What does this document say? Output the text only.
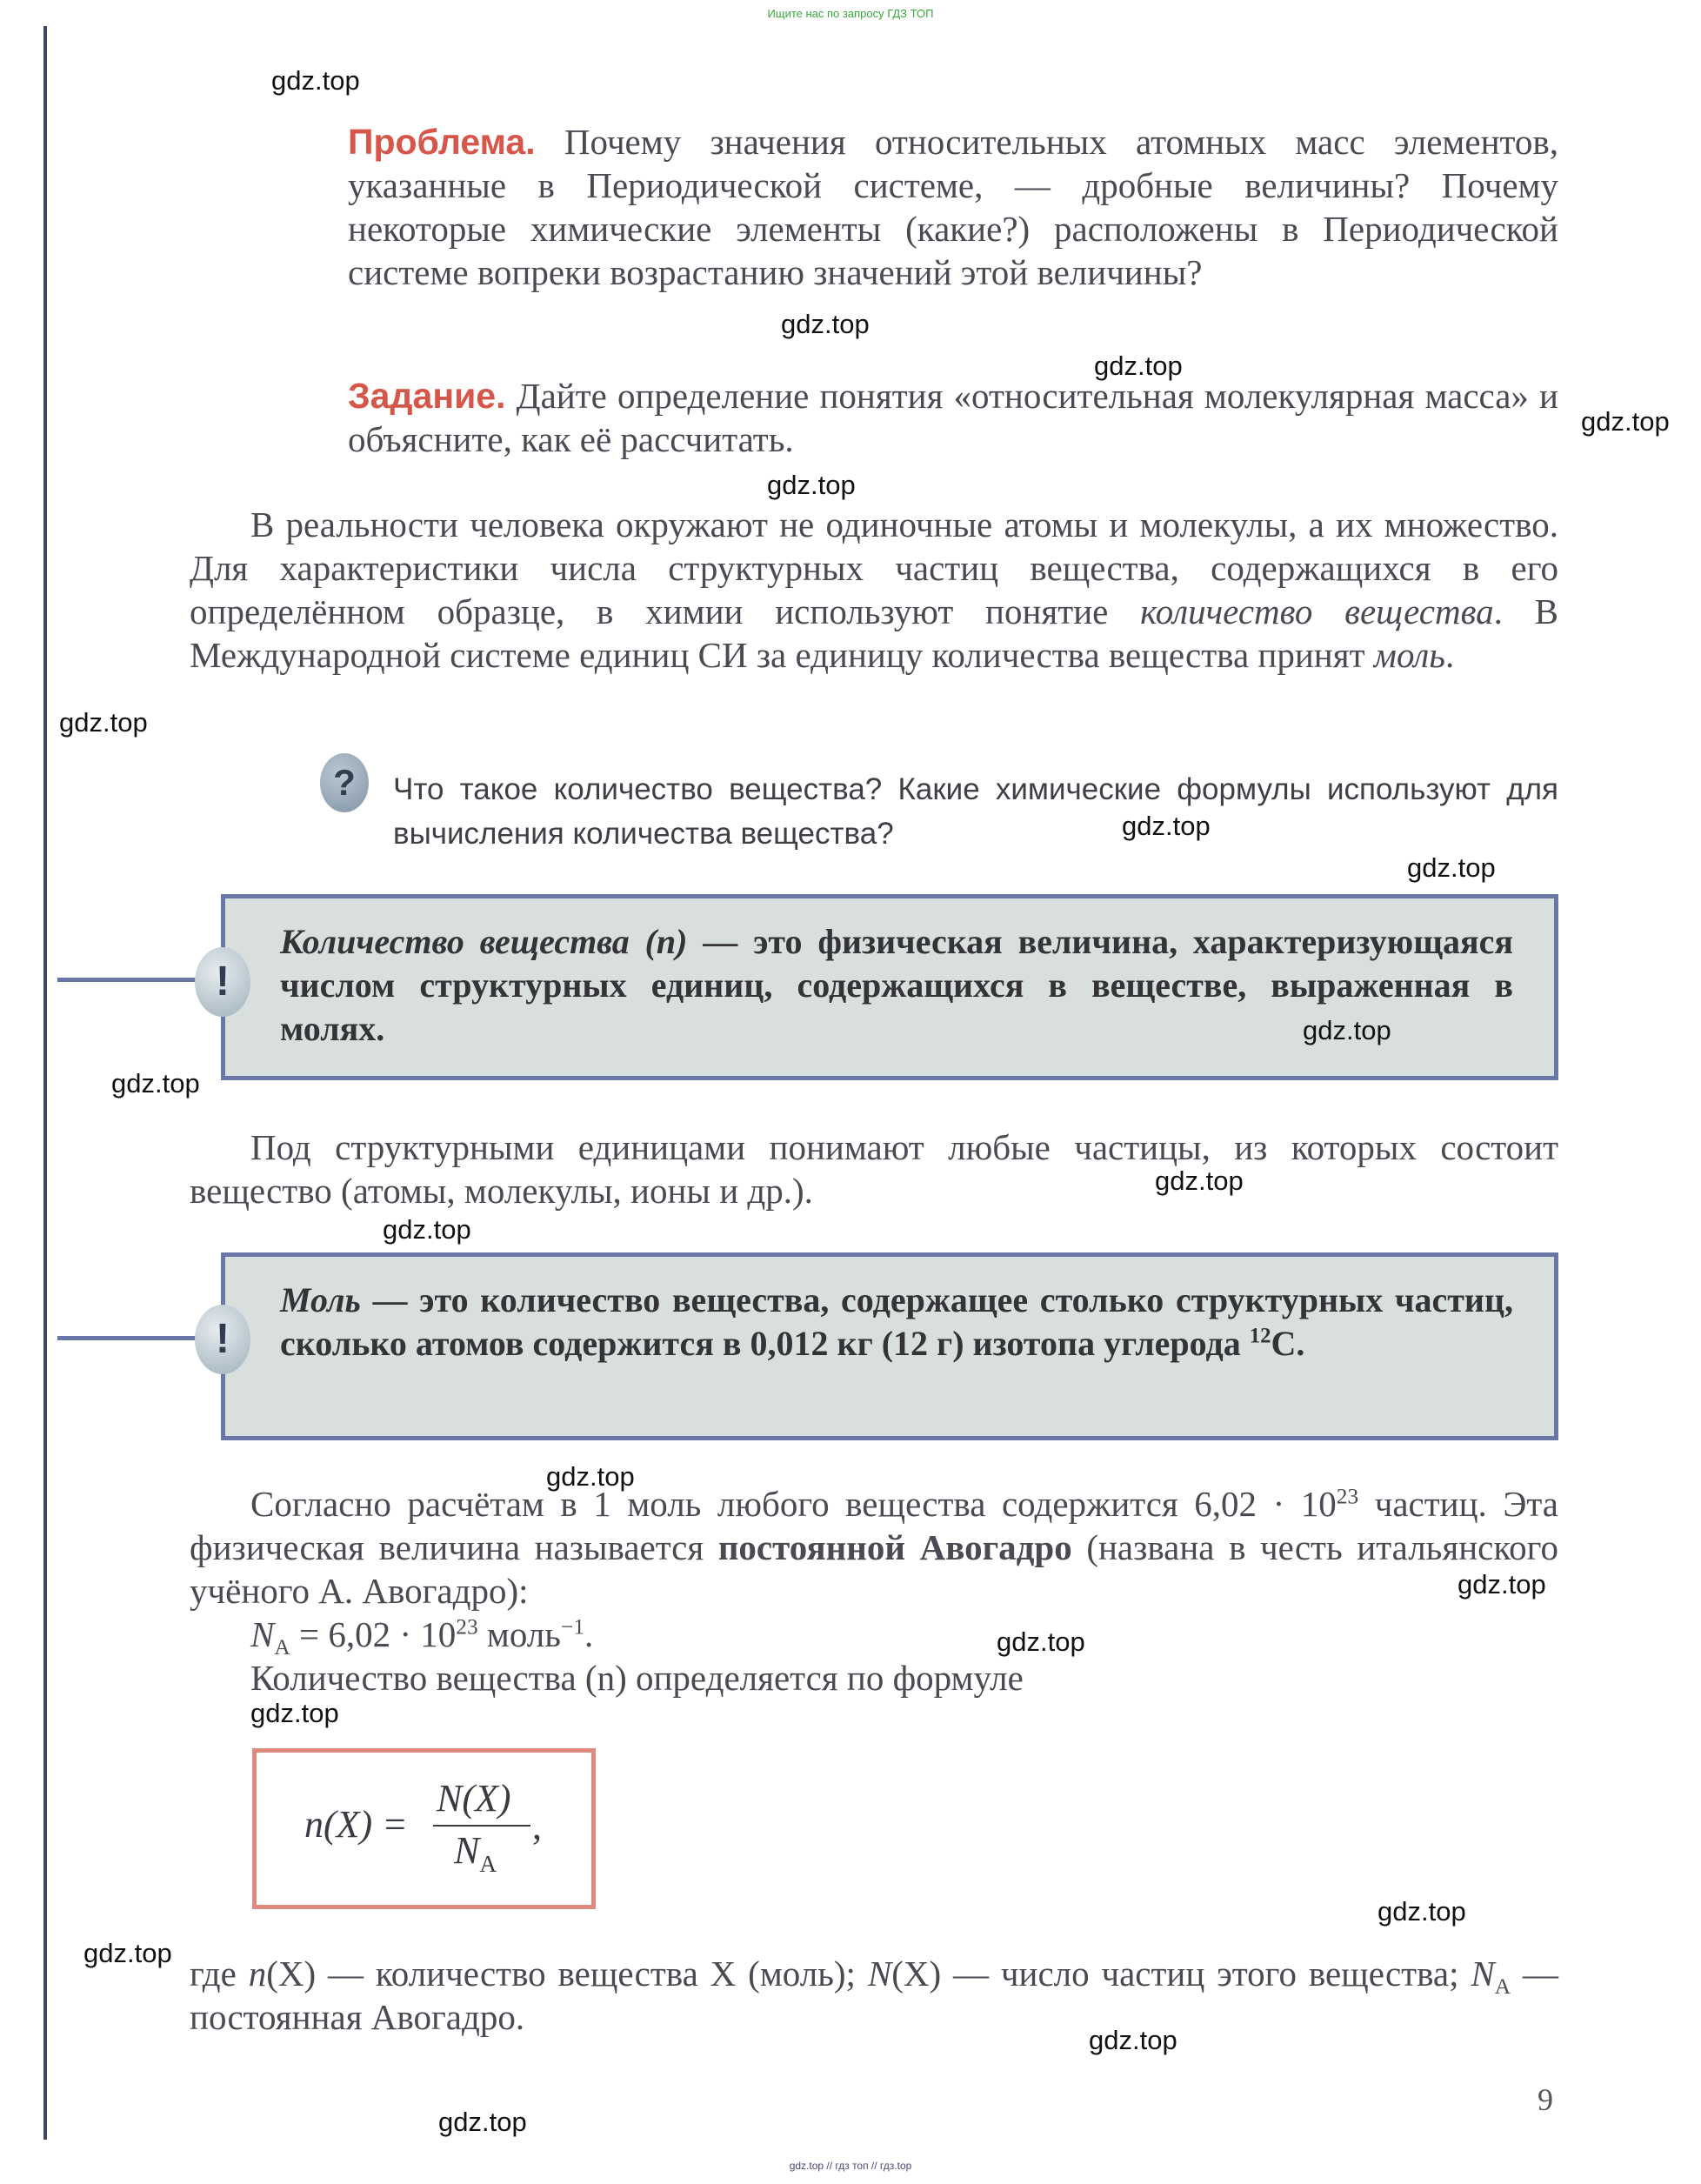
Ищите нас по запросу ГДЗ ТОП
Проблема. Почему значения относительных атомных масс элементов, указанные в Периодической системе, — дробные величины? Почему некоторые химические элементы (какие?) расположены в Периодической системе вопреки возрастанию значений этой величины?
Задание. Дайте определение понятия «относительная молекулярная масса» и объясните, как её рассчитать.
В реальности человека окружают не одиночные атомы и молекулы, а их множество. Для характеристики числа структурных частиц вещества, содержащихся в его определённом образце, в химии используют понятие количество вещества. В Международной системе единиц СИ за единицу количества вещества принят моль.
?	Что такое количество вещества? Какие химические формулы используют для вычисления количества вещества?
!
Количество вещества (n) — это физическая величина, характеризующаяся числом структурных единиц, содержащихся в веществе, выраженная в молях.
Под структурными единицами понимают любые частицы, из которых состоит вещество (атомы, молекулы, ионы и др.).
!
Моль — это количество вещества, содержащее столько структурных частиц, сколько атомов содержится в 0,012 кг (12 г) изотопа углерода $^{12}$C.
Согласно расчётам в 1 моль любого вещества содержится $6,02 \cdot 10^{23}$ частиц. Эта физическая величина называется постоянной Авогадро (названа в честь итальянского учёного А. Авогадро):
$N_A = 6,02 \cdot 10^{23}$ моль$^{-1}$.
Количество вещества (n) определяется по формуле
n(X) =
N(X)
$N_A$
,
где n(X) — количество вещества X (моль); N(X) — число частиц этого вещества; $N_A$ — постоянная Авогадро.
9
gdz.top // гдз топ // гдз.top
gdz.top
gdz.top
gdz.top
gdz.top
gdz.top
gdz.top
gdz.top
gdz.top
gdz.top
gdz.top
gdz.top
gdz.top
gdz.top
gdz.top
gdz.top
gdz.top
gdz.top
gdz.top
gdz.top
gdz.top
